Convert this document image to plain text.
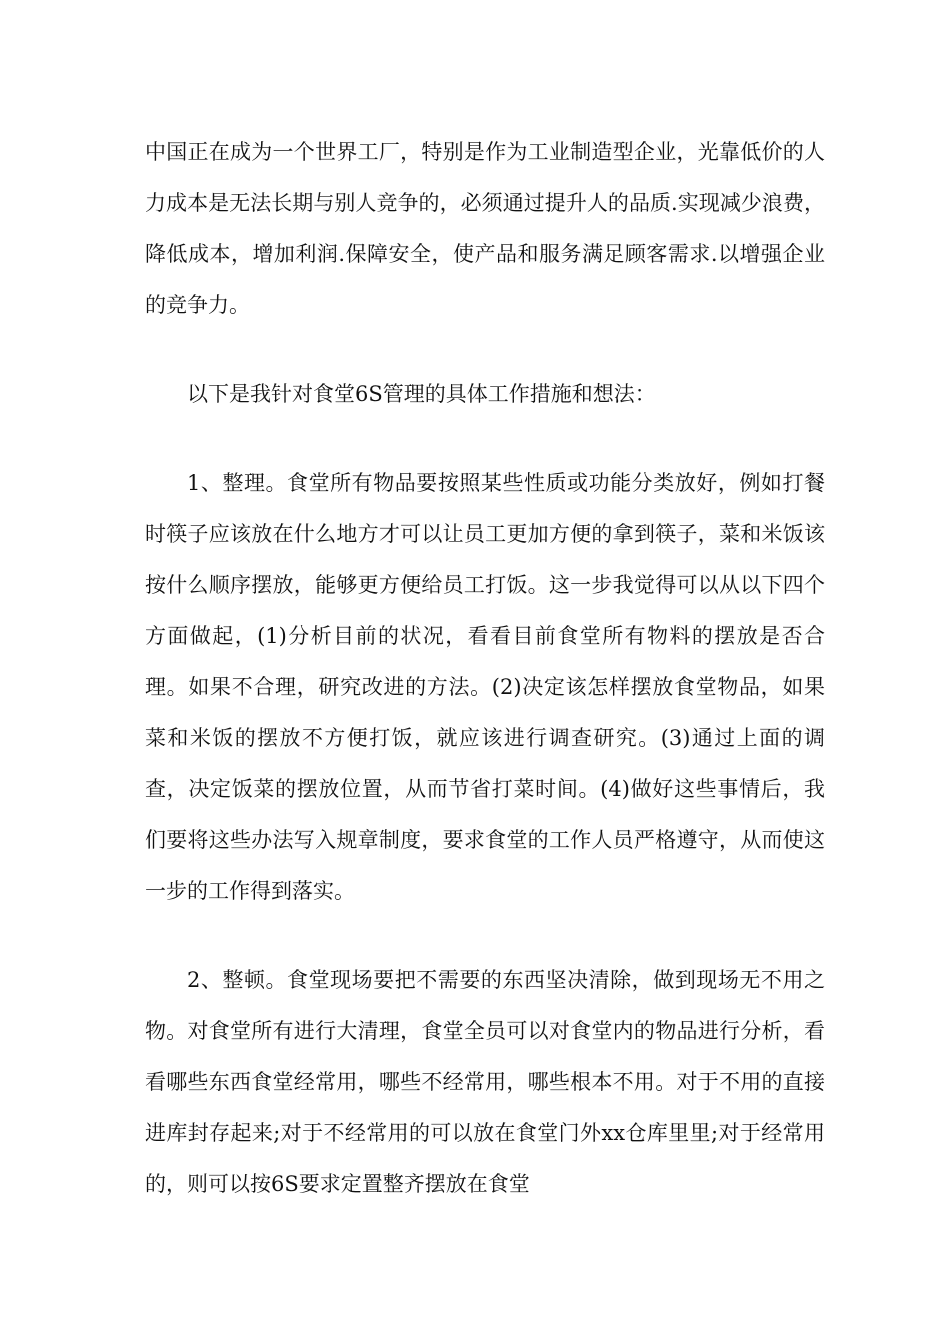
中国正在成为一个世界工厂，特别是作为工业制造型企业，光靠低价的人力成本是无法长期与别人竞争的，必须通过提升人的品质.实现减少浪费，降低成本，增加利润.保障安全，使产品和服务满足顾客需求.以增强企业的竞争力。

以下是我针对食堂6S管理的具体工作措施和想法：

1、整理。食堂所有物品要按照某些性质或功能分类放好，例如打餐时筷子应该放在什么地方才可以让员工更加方便的拿到筷子，菜和米饭该按什么顺序摆放，能够更方便给员工打饭。这一步我觉得可以从以下四个方面做起，(1)分析目前的状况，看看目前食堂所有物料的摆放是否合理。如果不合理，研究改进的方法。(2)决定该怎样摆放食堂物品，如果菜和米饭的摆放不方便打饭，就应该进行调查研究。(3)通过上面的调查，决定饭菜的摆放位置，从而节省打菜时间。(4)做好这些事情后，我们要将这些办法写入规章制度，要求食堂的工作人员严格遵守，从而使这一步的工作得到落实。

2、整顿。食堂现场要把不需要的东西坚决清除，做到现场无不用之物。对食堂所有进行大清理，食堂全员可以对食堂内的物品进行分析，看看哪些东西食堂经常用，哪些不经常用，哪些根本不用。对于不用的直接进库封存起来;对于不经常用的可以放在食堂门外xx仓库里里;对于经常用的，则可以按6S要求定置整齐摆放在食堂
